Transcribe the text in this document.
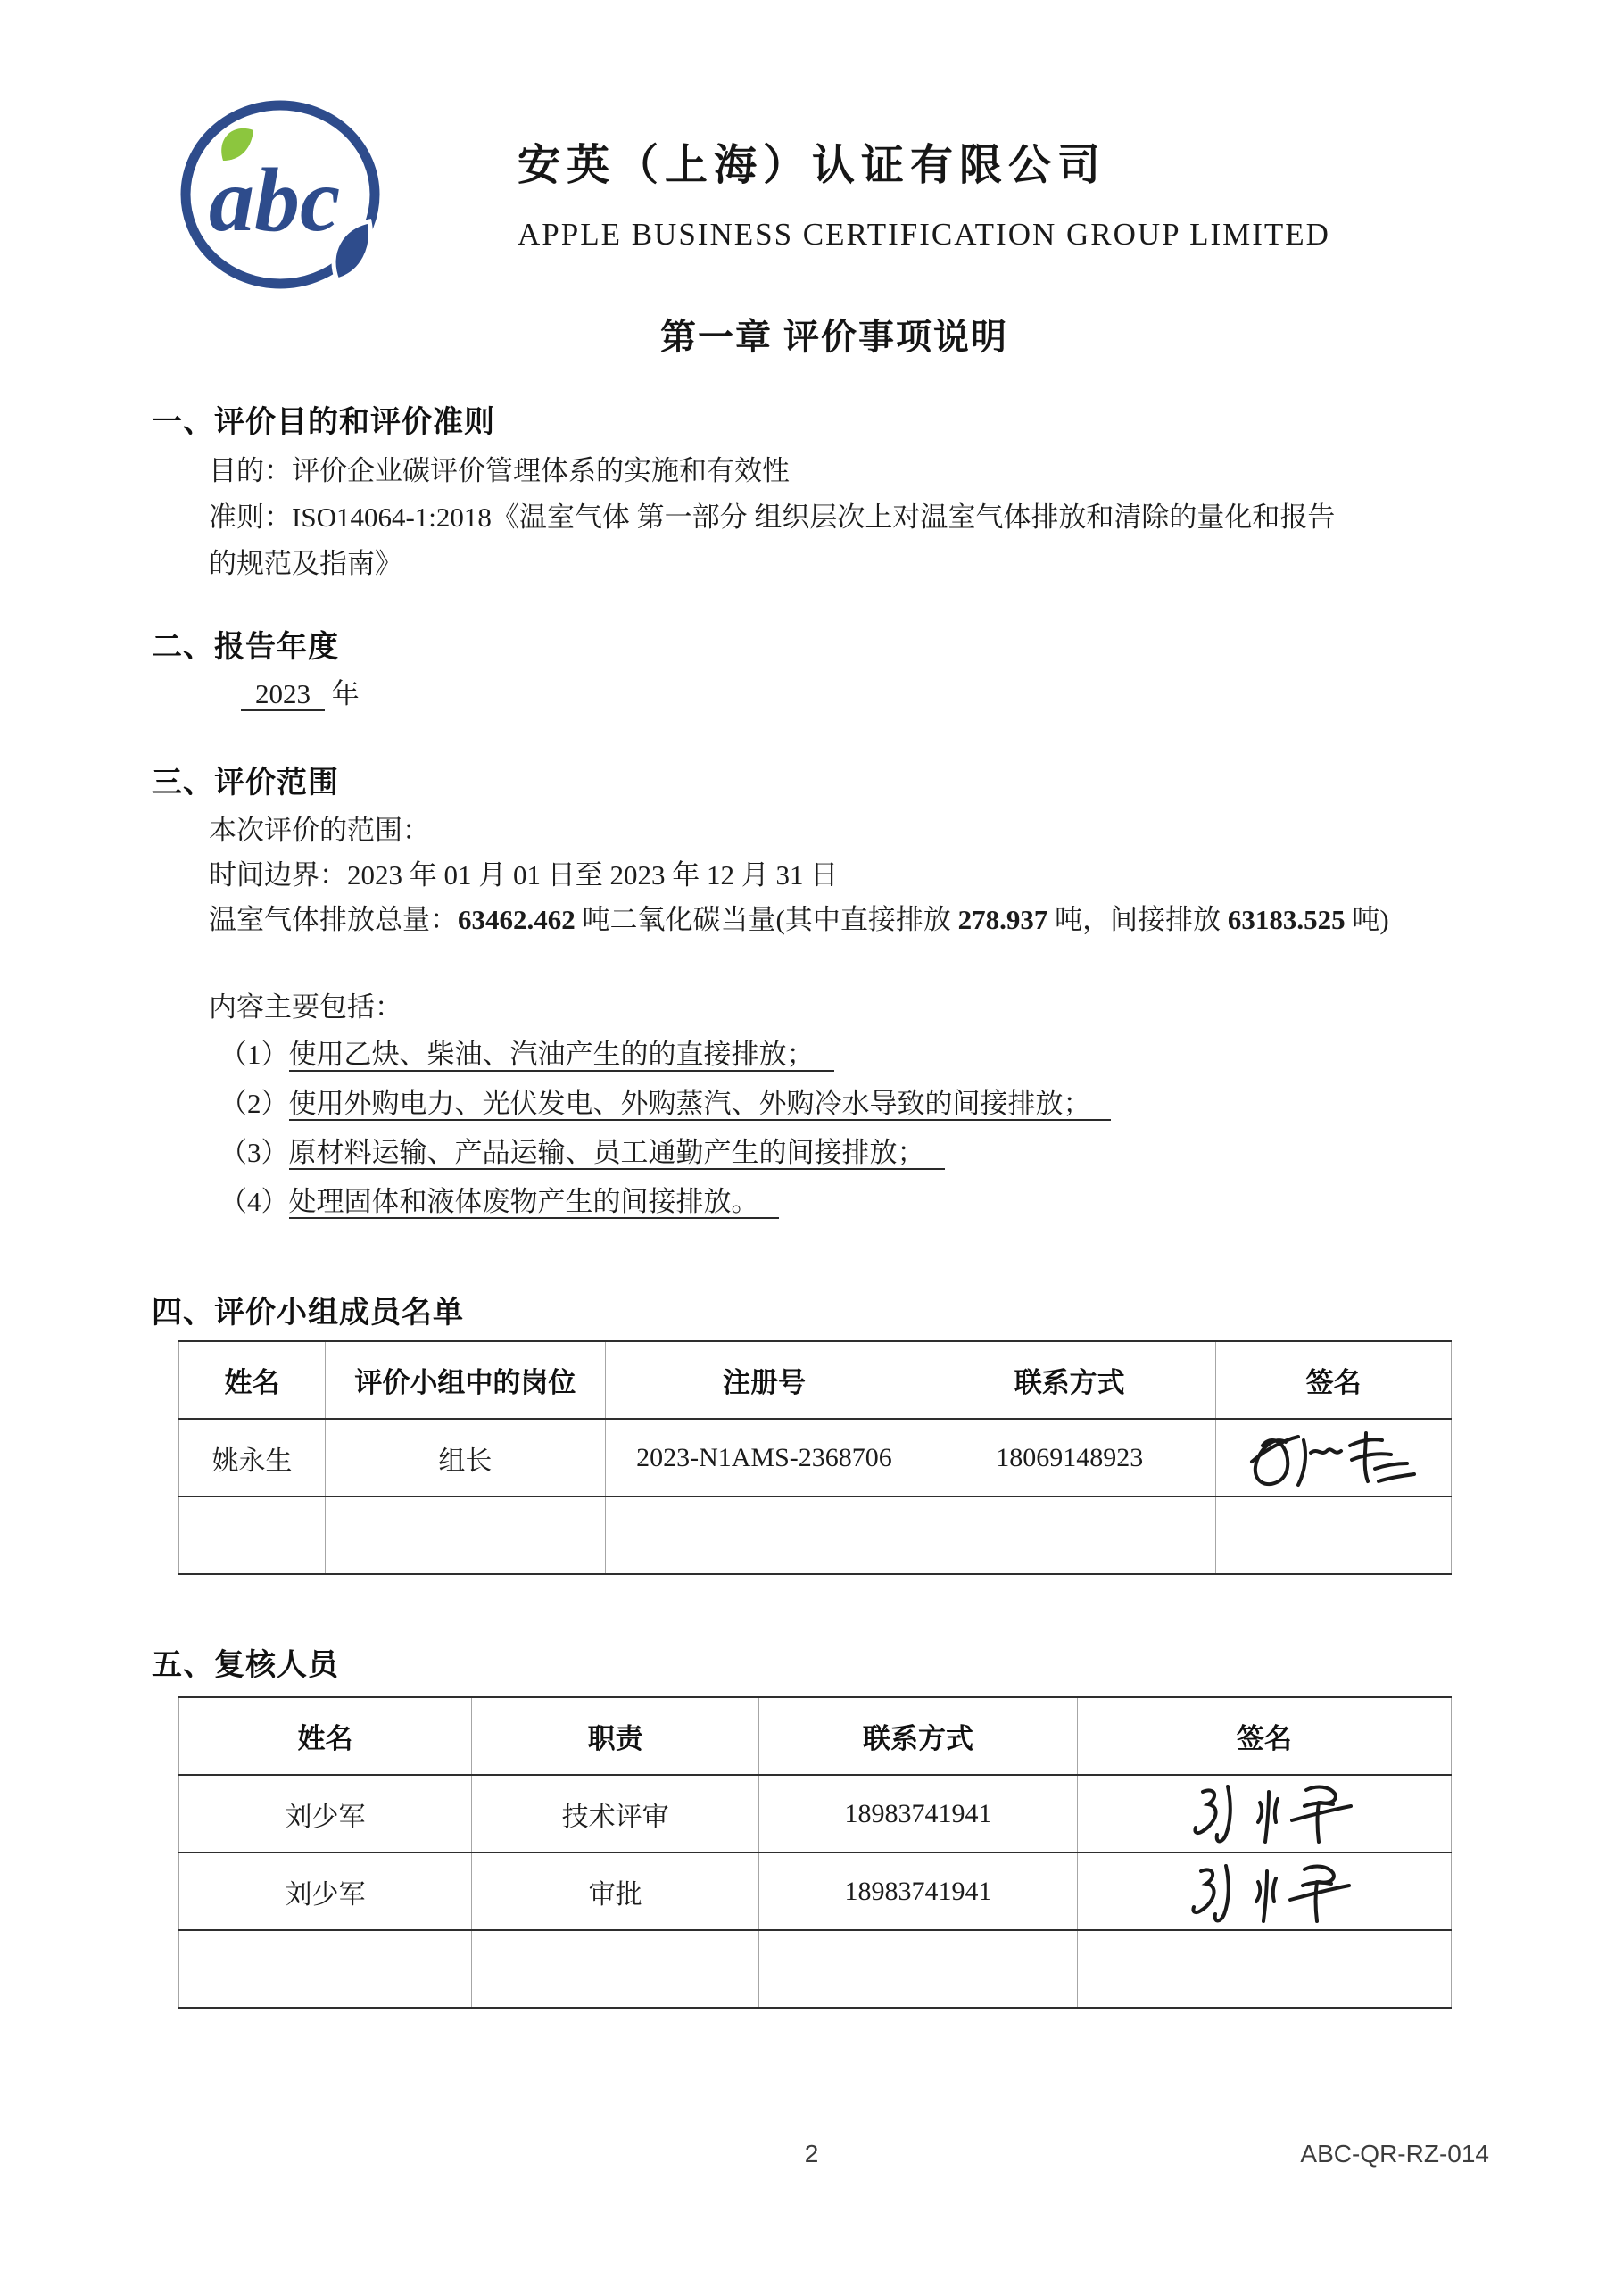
abc	安英（上海）认证有限公司
APPLE BUSINESS CERTIFICATION GROUP LIMITED
第一章 评价事项说明
一、评价目的和评价准则
目的：评价企业碳评价管理体系的实施和有效性
准则：ISO14064-1:2018《温室气体 第一部分 组织层次上对温室气体排放和清除的量化和报告
的规范及指南》
二、报告年度
2023 年
三、评价范围
本次评价的范围：
时间边界：2023 年 01 月 01 日至 2023 年 12 月 31 日
温室气体排放总量：63462.462 吨二氧化碳当量(其中直接排放 278.937 吨，间接排放 63183.525 吨)
内容主要包括：
（1）使用乙炔、柴油、汽油产生的的直接排放；
（2）使用外购电力、光伏发电、外购蒸汽、外购冷水导致的间接排放；
（3）原材料运输、产品运输、员工通勤产生的间接排放；
（4）处理固体和液体废物产生的间接排放。
四、评价小组成员名单
姓名	评价小组中的岗位	注册号	联系方式	签名
姚永生	组长	2023-N1AMS-2368706	18069148923	

五、复核人员
姓名	职责	联系方式	签名
刘少军	技术评审	18983741941	

刘少军	审批	18983741941	

2	ABC-QR-RZ-014
